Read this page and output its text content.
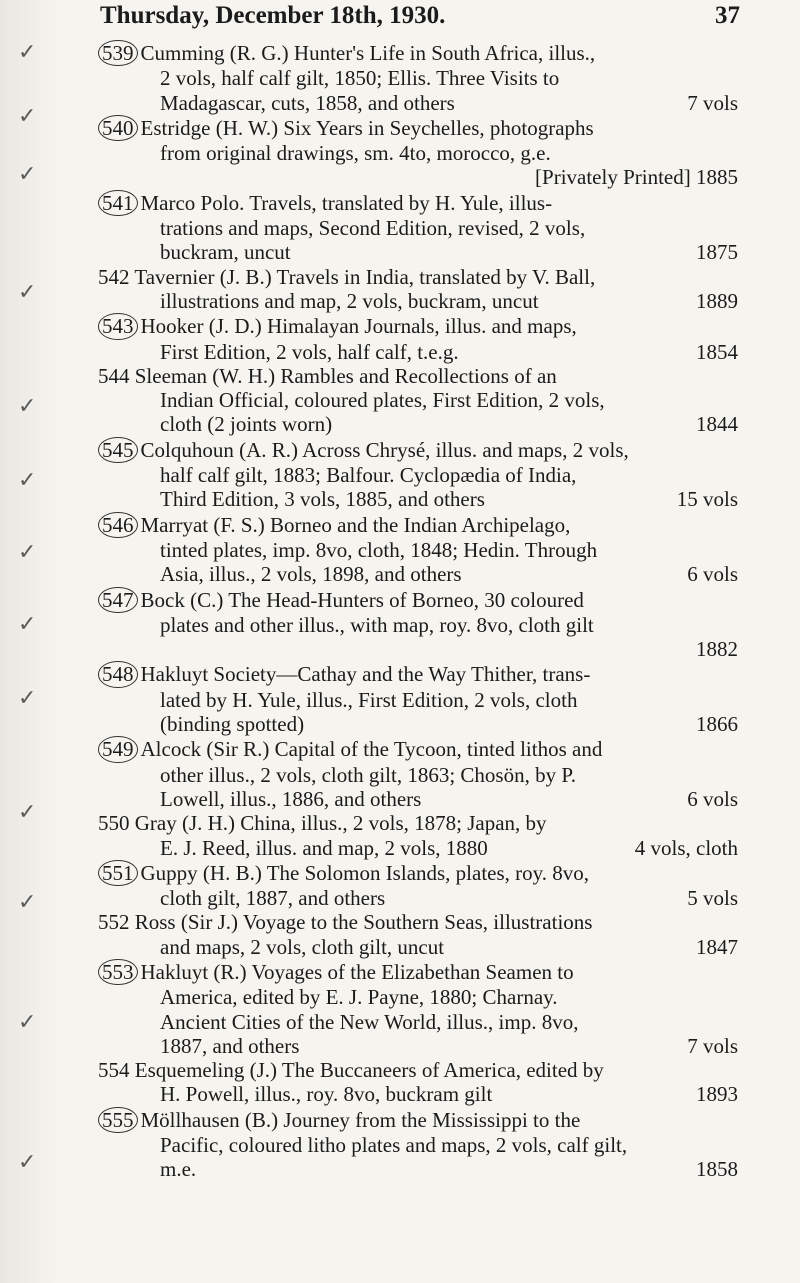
Thursday, December 18th, 1930.	37
539 Cumming (R. G.) Hunter's Life in South Africa, illus.,
2 vols, half calf gilt, 1850; Ellis. Three Visits to
Madagascar, cuts, 1858, and others	7 vols
540 Estridge (H. W.) Six Years in Seychelles, photographs
from original drawings, sm. 4to, morocco, g.e.
[Privately Printed] 1885
541 Marco Polo. Travels, translated by H. Yule, illus-
trations and maps, Second Edition, revised, 2 vols,
buckram, uncut	1875
542 Tavernier (J. B.) Travels in India, translated by V. Ball,
illustrations and map, 2 vols, buckram, uncut	1889
543 Hooker (J. D.) Himalayan Journals, illus. and maps,
First Edition, 2 vols, half calf, t.e.g.	1854
544 Sleeman (W. H.) Rambles and Recollections of an
Indian Official, coloured plates, First Edition, 2 vols,
cloth (2 joints worn)	1844
545 Colquhoun (A. R.) Across Chrysé, illus. and maps, 2 vols,
half calf gilt, 1883; Balfour. Cyclopædia of India,
Third Edition, 3 vols, 1885, and others	15 vols
546 Marryat (F. S.) Borneo and the Indian Archipelago,
tinted plates, imp. 8vo, cloth, 1848; Hedin. Through
Asia, illus., 2 vols, 1898, and others	6 vols
547 Bock (C.) The Head-Hunters of Borneo, 30 coloured
plates and other illus., with map, roy. 8vo, cloth gilt
1882
548 Hakluyt Society—Cathay and the Way Thither, trans-
lated by H. Yule, illus., First Edition, 2 vols, cloth
(binding spotted)	1866
549 Alcock (Sir R.) Capital of the Tycoon, tinted lithos and
other illus., 2 vols, cloth gilt, 1863; Chosön, by P.
Lowell, illus., 1886, and others	6 vols
550 Gray (J. H.) China, illus., 2 vols, 1878; Japan, by
E. J. Reed, illus. and map, 2 vols, 1880	4 vols, cloth
551 Guppy (H. B.) The Solomon Islands, plates, roy. 8vo,
cloth gilt, 1887, and others	5 vols
552 Ross (Sir J.) Voyage to the Southern Seas, illustrations
and maps, 2 vols, cloth gilt, uncut	1847
553 Hakluyt (R.) Voyages of the Elizabethan Seamen to
America, edited by E. J. Payne, 1880; Charnay.
Ancient Cities of the New World, illus., imp. 8vo,
1887, and others	7 vols
554 Esquemeling (J.) The Buccaneers of America, edited by
H. Powell, illus., roy. 8vo, buckram gilt	1893
555 Möllhausen (B.) Journey from the Mississippi to the
Pacific, coloured litho plates and maps, 2 vols, calf gilt,
m.e.	1858
✓
✓
✓
✓
✓
✓
✓
✓
✓
✓
✓
✓
✓
